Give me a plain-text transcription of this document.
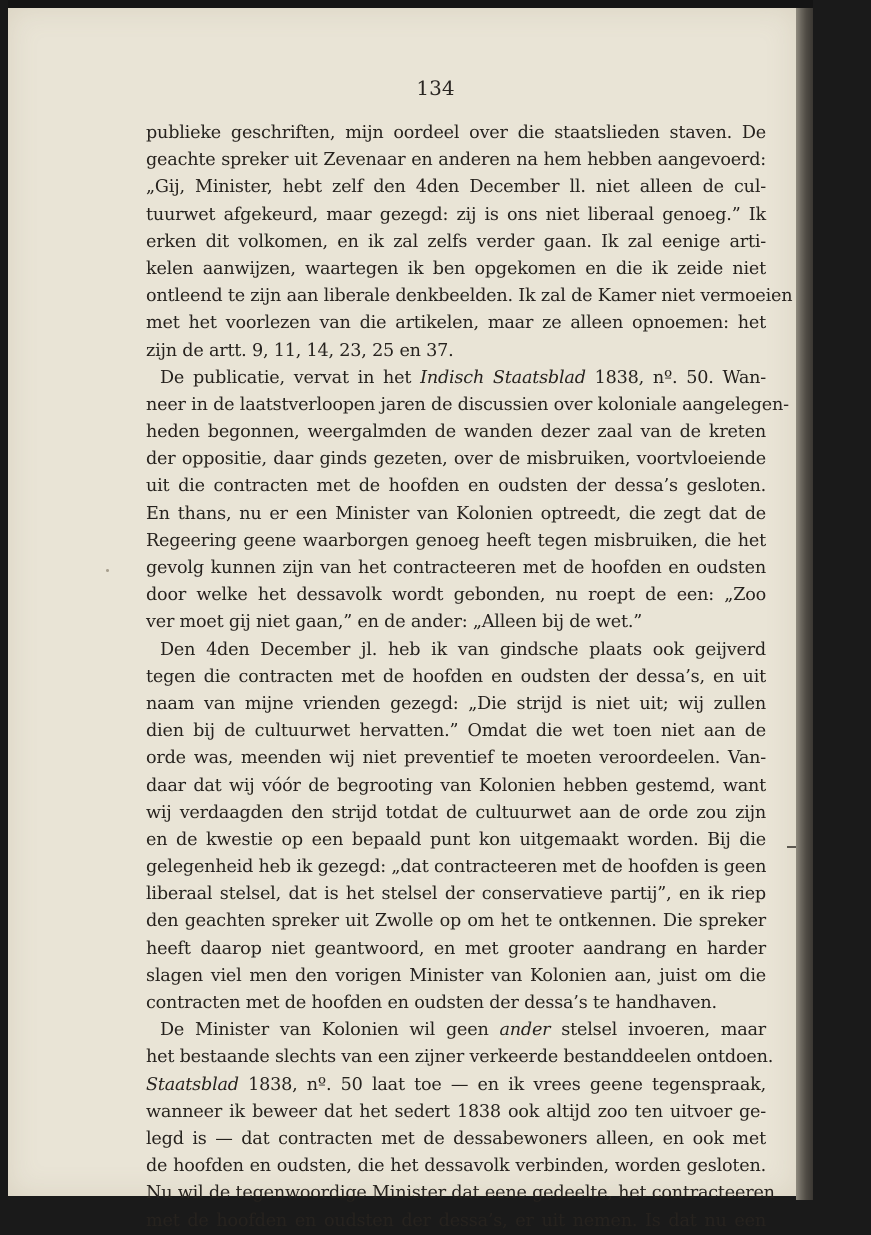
134
publieke geschriften, mijn oordeel over die staatslieden staven. De
geachte spreker uit Zevenaar en anderen na hem hebben aangevoerd:
„Gij, Minister, hebt zelf den 4den December ll. niet alleen de cul-
tuurwet afgekeurd, maar gezegd: zij is ons niet liberaal genoeg.” Ik
erken dit volkomen, en ik zal zelfs verder gaan. Ik zal eenige arti-
kelen aanwijzen, waartegen ik ben opgekomen en die ik zeide niet
ontleend te zijn aan liberale denkbeelden. Ik zal de Kamer niet vermoeien
met het voorlezen van die artikelen, maar ze alleen opnoemen: het
zijn de artt. 9, 11, 14, 23, 25 en 37.
De publicatie, vervat in het Indisch Staatsblad 1838, nº. 50. Wan-
neer in de laatstverloopen jaren de discussien over koloniale aangelegen-
heden begonnen, weergalmden de wanden dezer zaal van de kreten
der oppositie, daar ginds gezeten, over de misbruiken, voortvloeiende
uit die contracten met de hoofden en oudsten der dessa’s gesloten.
En thans, nu er een Minister van Kolonien optreedt, die zegt dat de
Regeering geene waarborgen genoeg heeft tegen misbruiken, die het
gevolg kunnen zijn van het contracteeren met de hoofden en oudsten
door welke het dessavolk wordt gebonden, nu roept de een: „Zoo
ver moet gij niet gaan,” en de ander: „Alleen bij de wet.”
Den 4den December jl. heb ik van gindsche plaats ook geijverd
tegen die contracten met de hoofden en oudsten der dessa’s, en uit
naam van mijne vrienden gezegd: „Die strijd is niet uit; wij zullen
dien bij de cultuurwet hervatten.” Omdat die wet toen niet aan de
orde was, meenden wij niet preventief te moeten veroordeelen. Van-
daar dat wij vóór de begrooting van Kolonien hebben gestemd, want
wij verdaagden den strijd totdat de cultuurwet aan de orde zou zijn
en de kwestie op een bepaald punt kon uitgemaakt worden. Bij die
gelegenheid heb ik gezegd: „dat contracteeren met de hoofden is geen
liberaal stelsel, dat is het stelsel der conservatieve partij”, en ik riep
den geachten spreker uit Zwolle op om het te ontkennen. Die spreker
heeft daarop niet geantwoord, en met grooter aandrang en harder
slagen viel men den vorigen Minister van Kolonien aan, juist om die
contracten met de hoofden en oudsten der dessa’s te handhaven.
De Minister van Kolonien wil geen ander stelsel invoeren, maar
het bestaande slechts van een zijner verkeerde bestanddeelen ontdoen.
Staatsblad 1838, nº. 50 laat toe — en ik vrees geene tegenspraak,
wanneer ik beweer dat het sedert 1838 ook altijd zoo ten uitvoer ge-
legd is — dat contracten met de dessabewoners alleen, en ook met
de hoofden en oudsten, die het dessavolk verbinden, worden gesloten.
Nu wil de tegenwoordige Minister dat eene gedeelte, het contracteeren
met de hoofden en oudsten der dessa’s, er uit nemen. Is dat nu een
